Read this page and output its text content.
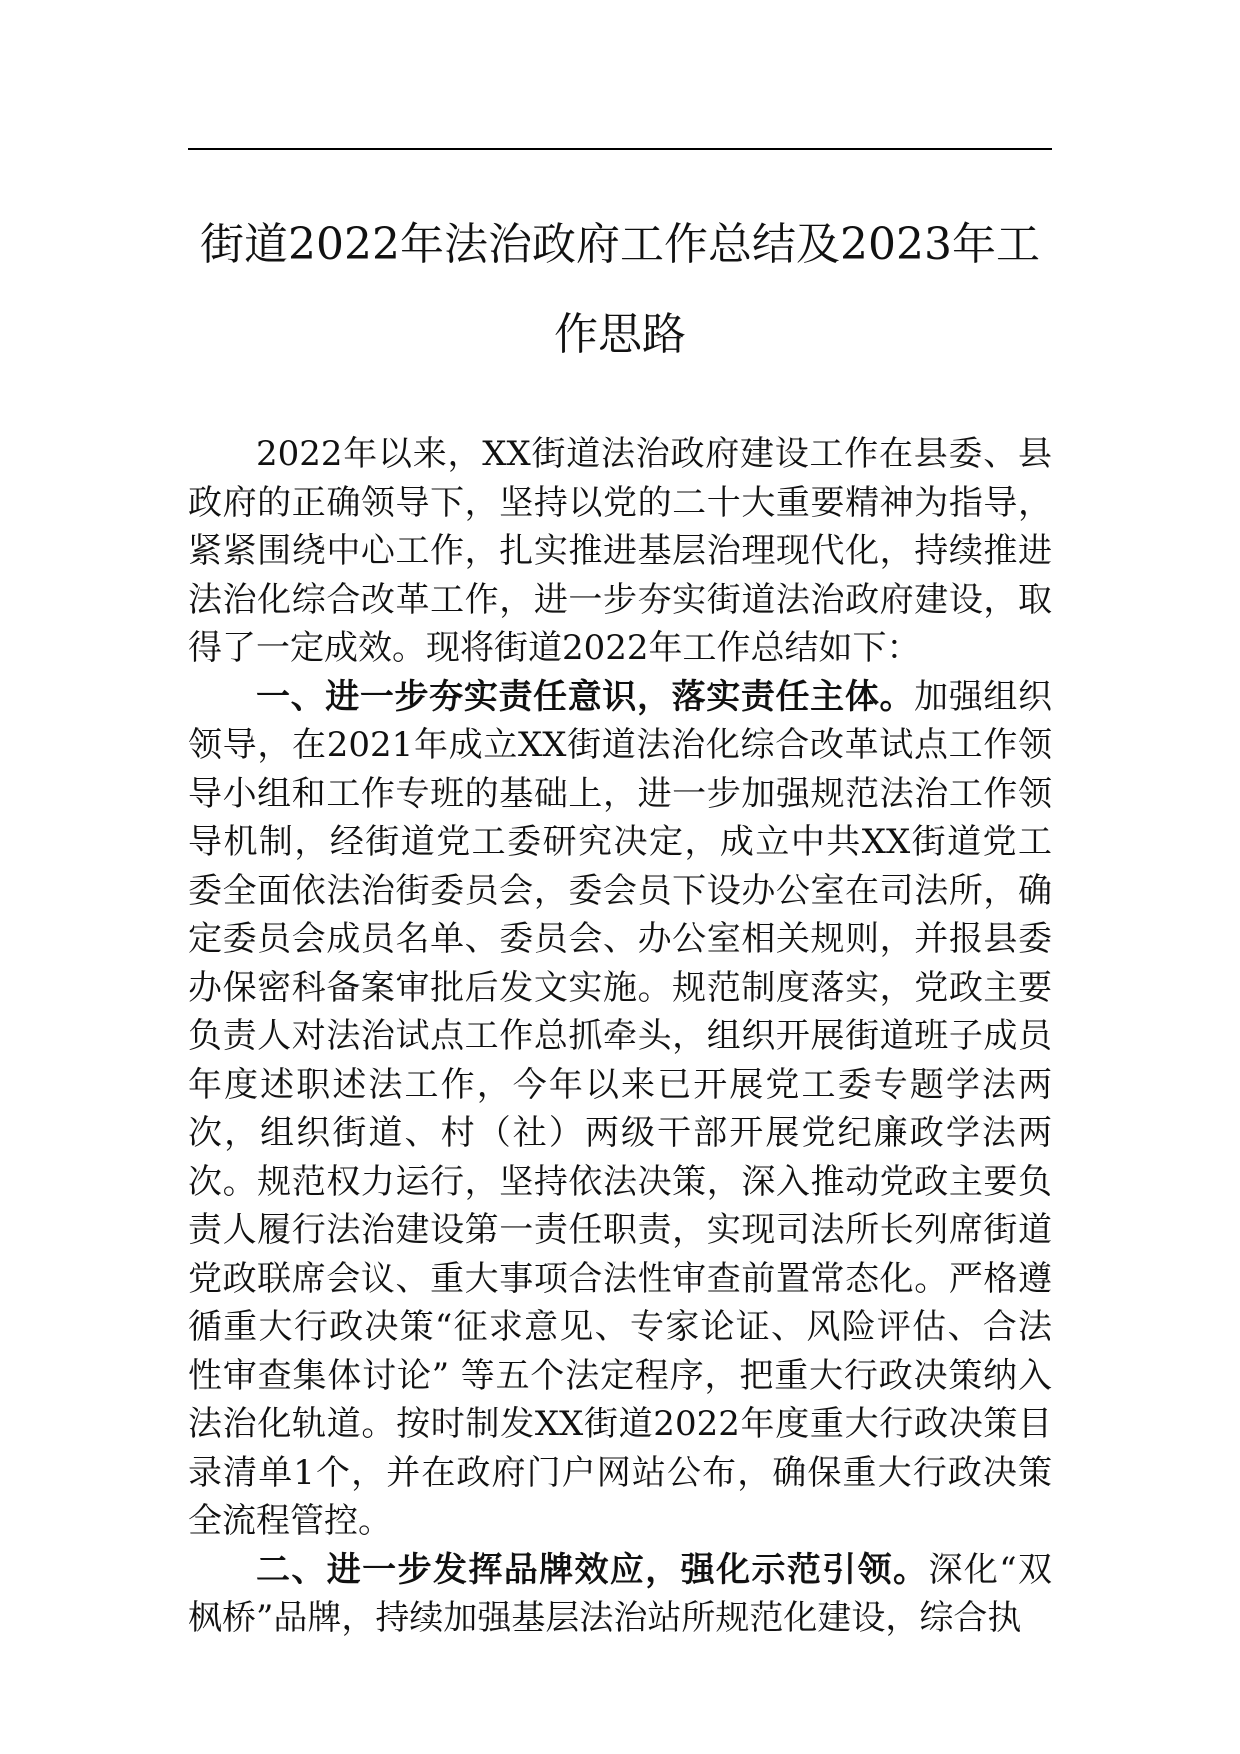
街道2022年法治政府工作总结及2023年工
作思路

2022年以来，XX街道法治政府建设工作在县委、县政府的正确领导下，坚持以党的二十大重要精神为指导，紧紧围绕中心工作，扎实推进基层治理现代化，持续推进法治化综合改革工作，进一步夯实街道法治政府建设，取得了一定成效。现将街道2022年工作总结如下：

一、进一步夯实责任意识，落实责任主体。加强组织领导，在2021年成立XX街道法治化综合改革试点工作领导小组和工作专班的基础上，进一步加强规范法治工作领导机制，经街道党工委研究决定，成立中共XX街道党工委全面依法治街委员会，委会员下设办公室在司法所，确定委员会成员名单、委员会、办公室相关规则，并报县委办保密科备案审批后发文实施。规范制度落实，党政主要负责人对法治试点工作总抓牵头，组织开展街道班子成员年度述职述法工作，今年以来已开展党工委专题学法两次，组织街道、村（社）两级干部开展党纪廉政学法两次。规范权力运行，坚持依法决策，深入推动党政主要负责人履行法治建设第一责任职责，实现司法所长列席街道党政联席会议、重大事项合法性审查前置常态化。严格遵循重大行政决策“征求意见、专家论证、风险评估、合法性审查集体讨论” 等五个法定程序，把重大行政决策纳入法治化轨道。按时制发XX街道2022年度重大行政决策目录清单1个，并在政府门户网站公布，确保重大行政决策全流程管控。

二、进一步发挥品牌效应，强化示范引领。深化“双枫桥”品牌，持续加强基层法治站所规范化建设，综合执
